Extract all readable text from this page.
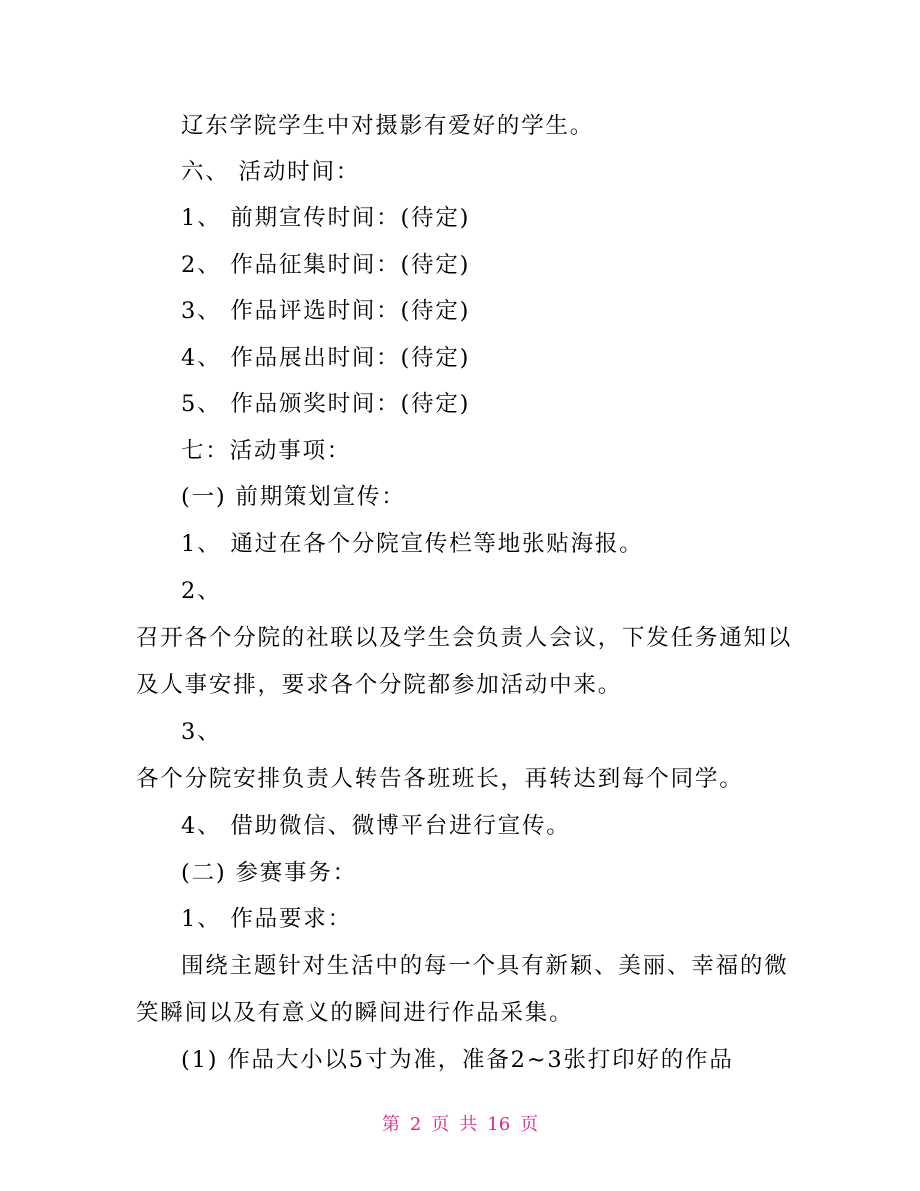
辽东学院学生中对摄影有爱好的学生。
六、 活动时间：
1、 前期宣传时间：(待定)
2、 作品征集时间：(待定)
3、 作品评选时间：(待定)
4、 作品展出时间：(待定)
5、 作品颁奖时间：(待定)
七：活动事项：
(一) 前期策划宣传：
1、 通过在各个分院宣传栏等地张贴海报。
2、
召开各个分院的社联以及学生会负责人会议，下发任务通知以
及人事安排，要求各个分院都参加活动中来。
3、
各个分院安排负责人转告各班班长，再转达到每个同学。
4、 借助微信、微博平台进行宣传。
(二) 参赛事务：
1、 作品要求：
围绕主题针对生活中的每一个具有新颖、美丽、幸福的微
笑瞬间以及有意义的瞬间进行作品采集。
(1) 作品大小以5寸为准，准备2~3张打印好的作品
第 2 页 共 16 页
